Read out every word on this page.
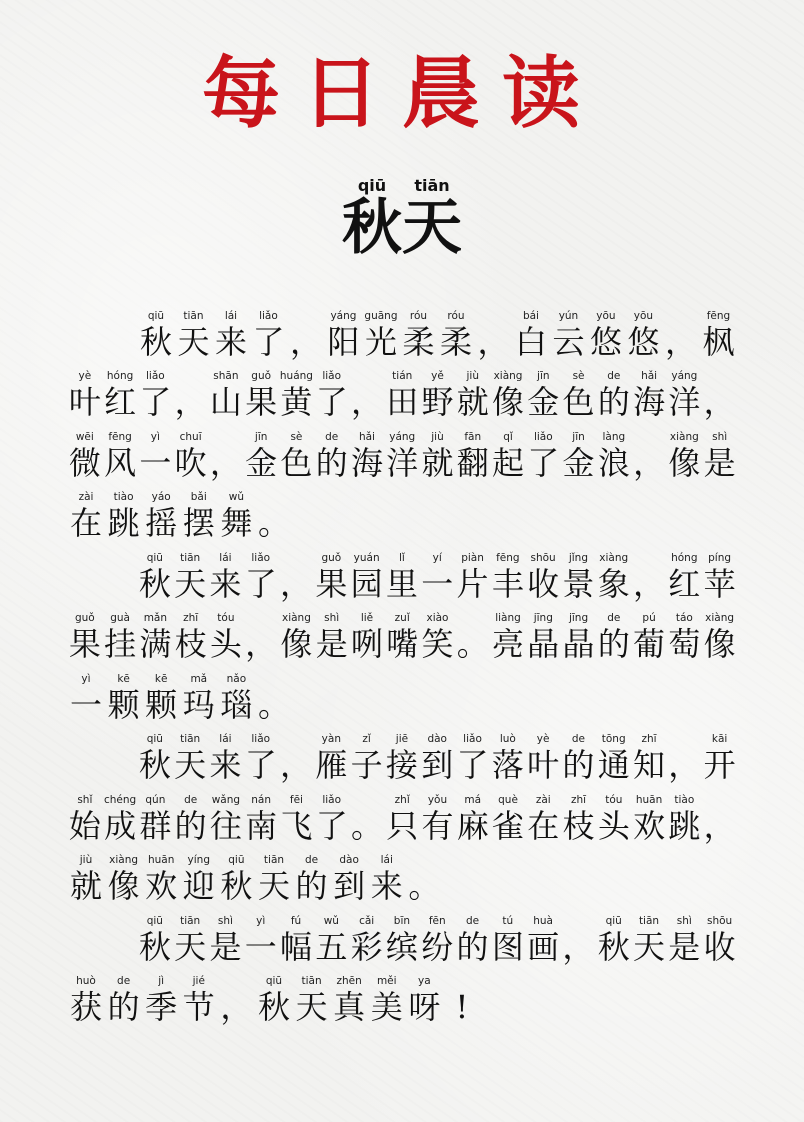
每日晨读
秋qiū天tiān
qiū
秋
tiān
天
lái
来
liǎo
了 ，
yáng
阳
guāng
光
róu
柔
róu
柔 ，
bái
白
yún
云
yōu
悠
yōu
悠 ，
fēng
枫
yè
叶
hóng
红
liǎo
了 ，
shān
山
guǒ
果
huáng
黄
liǎo
了 ，
tián
田
yě
野
jiù
就
xiàng
像
jīn
金
sè
色
de
的
hǎi
海
yáng
洋 ，
wēi
微
fēng
风
yì
一
chuī
吹 ，
jīn
金
sè
色
de
的
hǎi
海
yáng
洋
jiù
就
fān
翻
qǐ
起
liǎo
了
jīn
金
làng
浪 ，
xiàng
像
shì
是
zài
在
tiào
跳
yáo
摇
bǎi
摆
wǔ
舞 。
qiū
秋
tiān
天
lái
来
liǎo
了 ，
guǒ
果
yuán
园
lǐ
里
yí
一
piàn
片
fēng
丰
shōu
收
jǐng
景
xiàng
象 ，
hóng
红
píng
苹
guǒ
果
guà
挂
mǎn
满
zhī
枝
tóu
头 ，
xiàng
像
shì
是
liě
咧
zuǐ
嘴
xiào
笑 。
liàng
亮
jīng
晶
jīng
晶
de
的
pú
葡
táo
萄
xiàng
像
yì
一
kē
颗
kē
颗
mǎ
玛
nǎo
瑙 。
qiū
秋
tiān
天
lái
来
liǎo
了 ，
yàn
雁
zǐ
子
jiē
接
dào
到
liǎo
了
luò
落
yè
叶
de
的
tōng
通
zhī
知 ，
kāi
开
shǐ
始
chéng
成
qún
群
de
的
wǎng
往
nán
南
fēi
飞
liǎo
了 。
zhǐ
只
yǒu
有
má
麻
què
雀
zài
在
zhī
枝
tóu
头
huān
欢
tiào
跳 ，
jiù
就
xiàng
像
huān
欢
yíng
迎
qiū
秋
tiān
天
de
的
dào
到
lái
来 。
qiū
秋
tiān
天
shì
是
yì
一
fú
幅
wǔ
五
cǎi
彩
bīn
缤
fēn
纷
de
的
tú
图
huà
画 ，
qiū
秋
tiān
天
shì
是
shōu
收
huò
获
de
的
jì
季
jié
节 ，
qiū
秋
tiān
天
zhēn
真
měi
美
ya
呀 !
